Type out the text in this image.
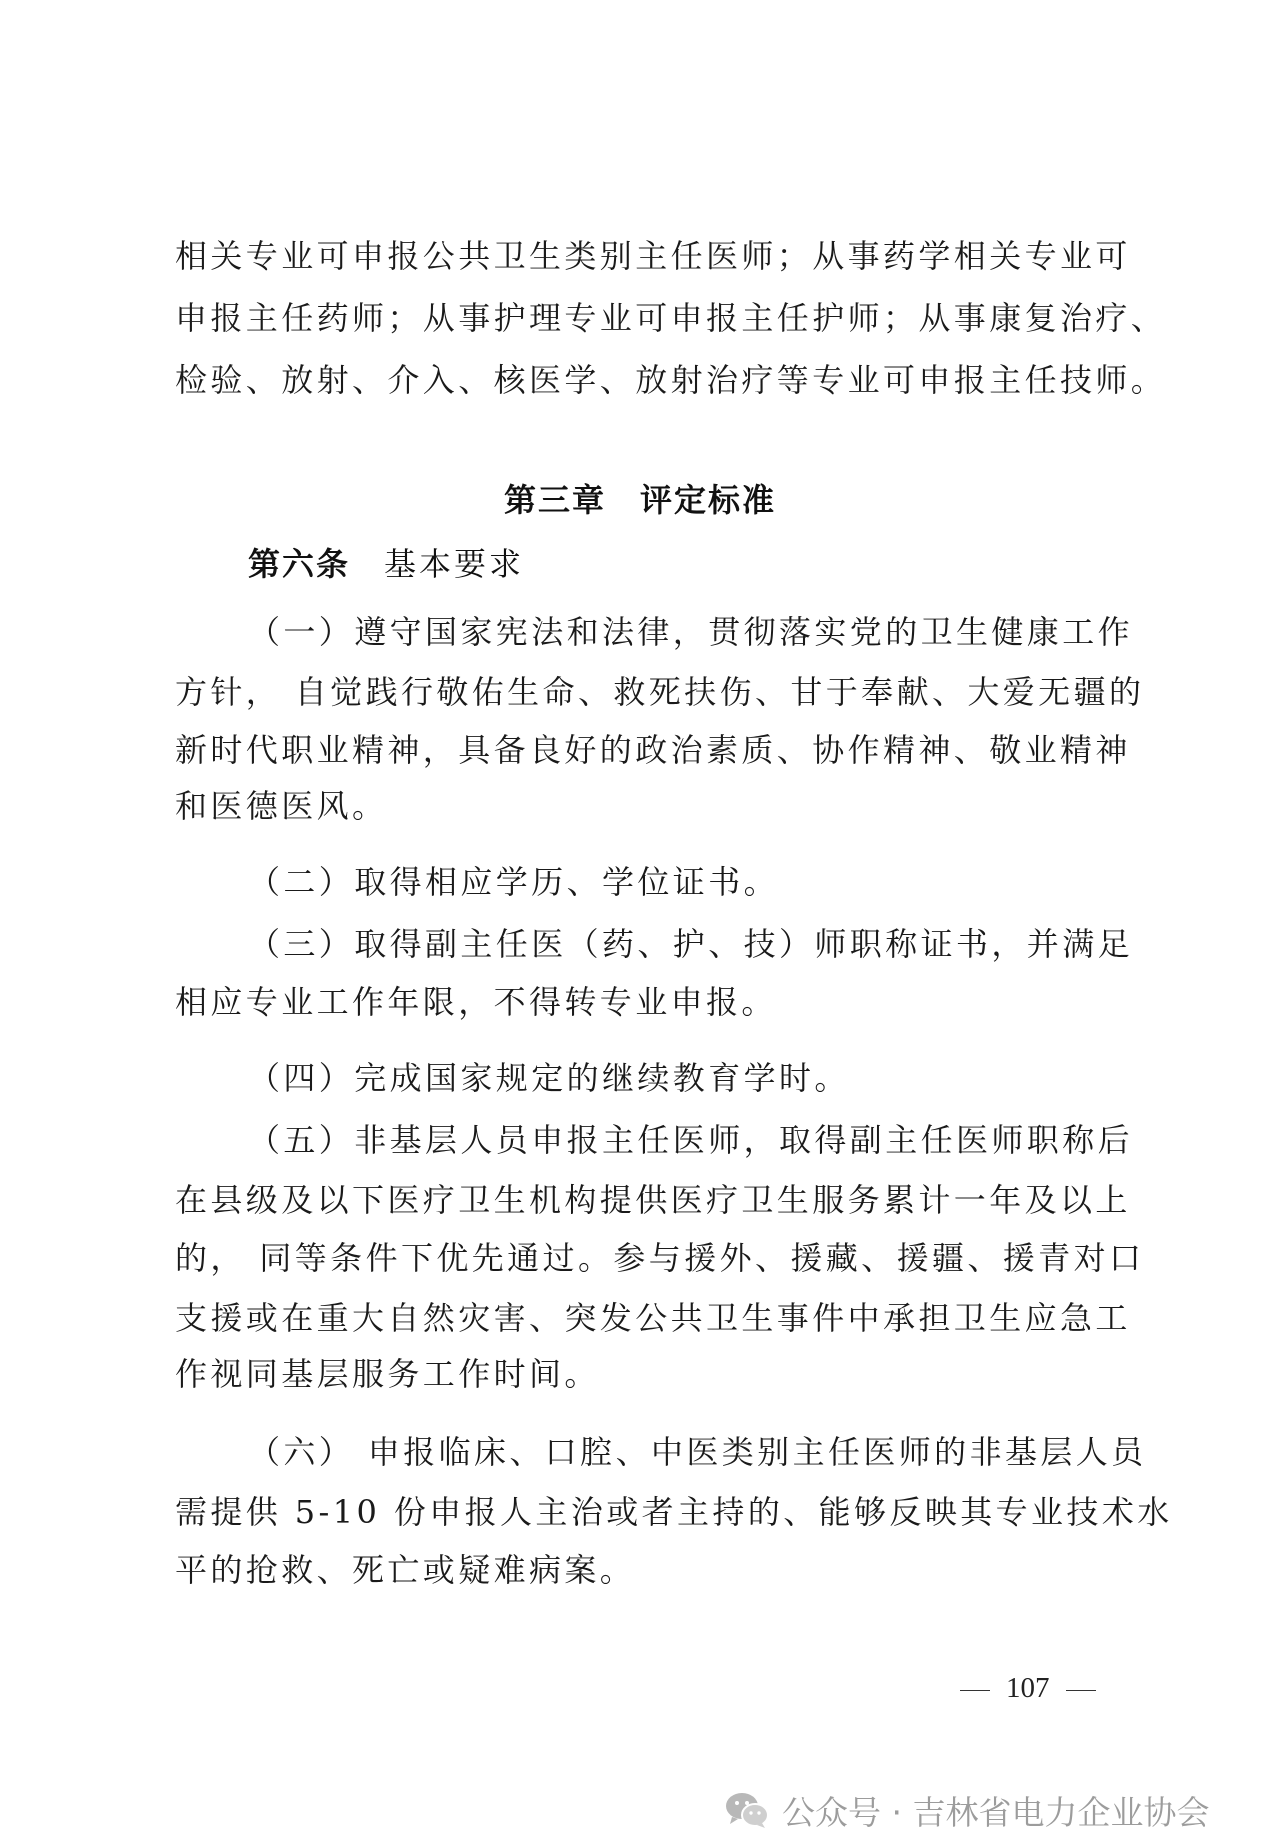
相关专业可申报公共卫生类别主任医师；从事药学相关专业可
申报主任药师；从事护理专业可申报主任护师；从事康复治疗、
检验、放射、介入、核医学、放射治疗等专业可申报主任技师。
第三章　评定标准
第六条 基本要求
（一）遵守国家宪法和法律，贯彻落实党的卫生健康工作
方针， 自觉践行敬佑生命、救死扶伤、甘于奉献、大爱无疆的
新时代职业精神，具备良好的政治素质、协作精神、敬业精神
和医德医风。
（二）取得相应学历、学位证书。
（三）取得副主任医（药、护、技）师职称证书，并满足
相应专业工作年限，不得转专业申报。
（四）完成国家规定的继续教育学时。
（五）非基层人员申报主任医师，取得副主任医师职称后
在县级及以下医疗卫生机构提供医疗卫生服务累计一年及以上
的， 同等条件下优先通过。参与援外、援藏、援疆、援青对口
支援或在重大自然灾害、突发公共卫生事件中承担卫生应急工
作视同基层服务工作时间。
（六） 申报临床、口腔、中医类别主任医师的非基层人员
需提供 5-10 份申报人主治或者主持的、能够反映其专业技术水
平的抢救、死亡或疑难病案。
107
公众号 · 吉林省电力企业协会
